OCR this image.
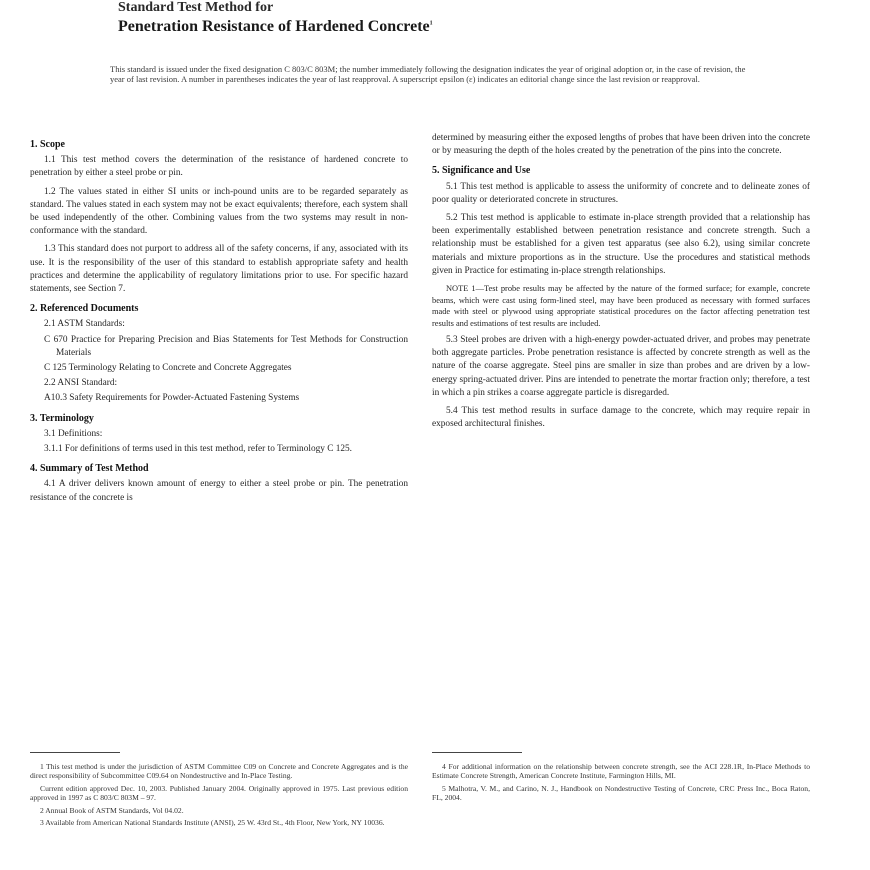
Standard Test Method for
Penetration Resistance of Hardened Concrete$^1$
This standard is issued under the fixed designation C 803/C 803M; the number immediately following the designation indicates the year of original adoption or, in the case of revision, the year of last revision. A number in parentheses indicates the year of last reapproval. A superscript epsilon (ε) indicates an editorial change since the last revision or reapproval.
1. Scope

1.1 This test method covers the determination of the resistance of hardened concrete to penetration by either a steel probe or pin.

1.2 The values stated in either SI units or inch-pound units are to be regarded separately as standard. The values stated in each system may not be exact equivalents; therefore, each system shall be used independently of the other. Combining values from the two systems may result in non-conformance with the standard.

1.3 This standard does not purport to address all of the safety concerns, if any, associated with its use. It is the responsibility of the user of this standard to establish appropriate safety and health practices and determine the applicability of regulatory limitations prior to use. For specific hazard statements, see Section 7.

2. Referenced Documents

2.1 ASTM Standards:

C 670 Practice for Preparing Precision and Bias Statements for Test Methods for Construction Materials

C 125 Terminology Relating to Concrete and Concrete Aggregates

2.2 ANSI Standard:

A10.3 Safety Requirements for Powder-Actuated Fastening Systems

3. Terminology

3.1 Definitions:

3.1.1 For definitions of terms used in this test method, refer to Terminology C 125.

4. Summary of Test Method

4.1 A driver delivers known amount of energy to either a steel probe or pin. The penetration resistance of the concrete is

determined by measuring either the exposed lengths of probes that have been driven into the concrete or by measuring the depth of the holes created by the penetration of the pins into the concrete.

5. Significance and Use

5.1 This test method is applicable to assess the uniformity of concrete and to delineate zones of poor quality or deteriorated concrete in structures.

5.2 This test method is applicable to estimate in-place strength provided that a relationship has been experimentally established between penetration resistance and concrete strength. Such a relationship must be established for a given test apparatus (see also 6.2), using similar concrete materials and mixture proportions as in the structure. Use the procedures and statistical methods given in Practice for estimating in-place strength relationships.

NOTE 1—Test probe results may be affected by the nature of the formed surface; for example, concrete beams, which were cast using form-lined steel, may have been produced as necessary with formed surfaces made with steel or plywood using appropriate statistical procedures on the factor affecting penetration test results and estimations of test results are included.

5.3 Steel probes are driven with a high-energy powder-actuated driver, and probes may penetrate both aggregate particles. Probe penetration resistance is affected by concrete strength as well as the nature of the coarse aggregate. Steel pins are smaller in size than probes and are driven by a low-energy spring-actuated driver. Pins are intended to penetrate the mortar fraction only; therefore, a test in which a pin strikes a coarse aggregate particle is disregarded.

5.4 This test method results in surface damage to the concrete, which may require repair in exposed architectural finishes.

1 This test method is under the jurisdiction of ASTM Committee C09 on Concrete and Concrete Aggregates and is the direct responsibility of Subcommittee C09.64 on Nondestructive and In-Place Testing.

Current edition approved Dec. 10, 2003. Published January 2004. Originally approved in 1975. Last previous edition approved in 1997 as C 803/C 803M – 97.

2 Annual Book of ASTM Standards, Vol 04.02.

3 Available from American National Standards Institute (ANSI), 25 W. 43rd St., 4th Floor, New York, NY 10036.

4 For additional information on the relationship between concrete strength, see the ACI 228.1R, In-Place Methods to Estimate Concrete Strength, American Concrete Institute, Farmington Hills, MI.

5 Malhotra, V. M., and Carino, N. J., Handbook on Nondestructive Testing of Concrete, CRC Press Inc., Boca Raton, FL, 2004.
